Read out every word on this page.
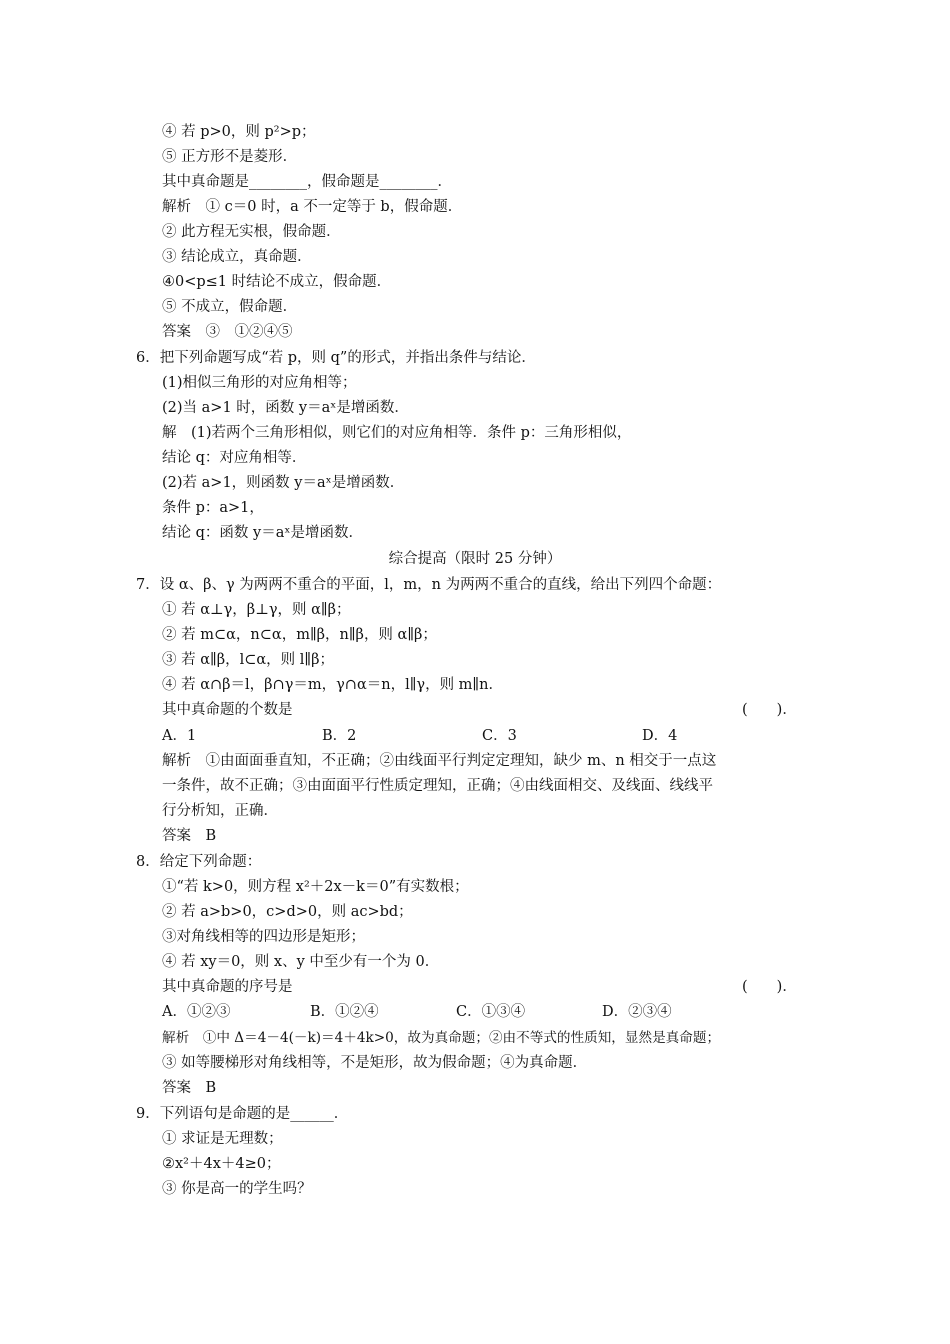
④ 若 p>0，则 p²>p；
⑤ 正方形不是菱形．
其中真命题是________，假命题是________．
解析　① c＝0 时，a 不一定等于 b，假命题．
② 此方程无实根，假命题．
③ 结论成立，真命题．
④0<p≤1 时结论不成立，假命题．
⑤ 不成立，假命题．
答案　③　①②④⑤
6．把下列命题写成“若 p，则 q”的形式，并指出条件与结论．
(1)相似三角形的对应角相等；
(2)当 a>1 时，函数 y＝aˣ是增函数．
解　(1)若两个三角形相似，则它们的对应角相等．条件 p：三角形相似，
结论 q：对应角相等．
(2)若 a>1，则函数 y＝aˣ是增函数．
条件 p：a>1，
结论 q：函数 y＝aˣ是增函数．
综合提高（限时 25 分钟）
7．设 α、β、γ 为两两不重合的平面，l，m，n 为两两不重合的直线，给出下列四个命题：
① 若 α⊥γ，β⊥γ，则 α∥β；
② 若 m⊂α，n⊂α，m∥β，n∥β，则 α∥β；
③ 若 α∥β，l⊂α，则 l∥β；
④ 若 α∩β＝l，β∩γ＝m，γ∩α＝n，l∥γ，则 m∥n．
其中真命题的个数是	(　　)．
A．1	B．2	C．3	D．4
解析　①由面面垂直知，不正确；②由线面平行判定定理知，缺少 m、n 相交于一点这
一条件，故不正确；③由面面平行性质定理知，正确；④由线面相交、及线面、线线平
行分析知，正确．
答案　B
8．给定下列命题：
①“若 k>0，则方程 x²＋2x－k＝0”有实数根；
② 若 a>b>0，c>d>0，则 ac>bd；
③对角线相等的四边形是矩形；
④ 若 xy＝0，则 x、y 中至少有一个为 0．
其中真命题的序号是	(　　)．
A．①②③	B．①②④	C．①③④	D．②③④
解析　①中 Δ＝4－4(－k)＝4＋4k>0，故为真命题；②由不等式的性质知，显然是真命题；
③ 如等腰梯形对角线相等，不是矩形，故为假命题；④为真命题．
答案　B
9．下列语句是命题的是______．
① 求证是无理数；
②x²＋4x＋4≥0；
③ 你是高一的学生吗？
